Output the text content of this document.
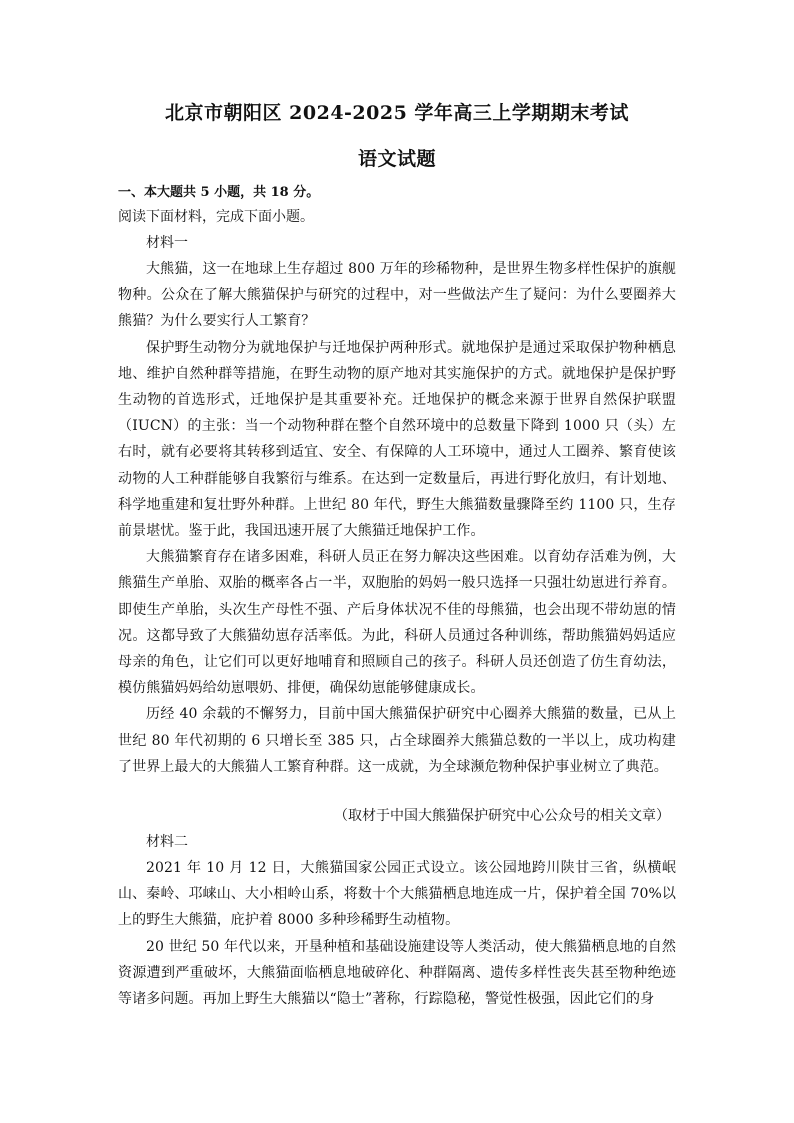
北京市朝阳区 2024-2025 学年高三上学期期末考试
语文试题
一、本大题共 5 小题，共 18 分。
阅读下面材料，完成下面小题。
材料一

大熊猫，这一在地球上生存超过 800 万年的珍稀物种，是世界生物多样性保护的旗舰物种。公众在了解大熊猫保护与研究的过程中，对一些做法产生了疑问：为什么要圈养大熊猫？为什么要实行人工繁育？

保护野生动物分为就地保护与迁地保护两种形式。就地保护是通过采取保护物种栖息地、维护自然种群等措施，在野生动物的原产地对其实施保护的方式。就地保护是保护野生动物的首选形式，迁地保护是其重要补充。迁地保护的概念来源于世界自然保护联盟（IUCN）的主张：当一个动物种群在整个自然环境中的总数量下降到 1000 只（头）左右时，就有必要将其转移到适宜、安全、有保障的人工环境中，通过人工圈养、繁育使该动物的人工种群能够自我繁衍与维系。在达到一定数量后，再进行野化放归，有计划地、科学地重建和复壮野外种群。上世纪 80 年代，野生大熊猫数量骤降至约 1100 只，生存前景堪忧。鉴于此，我国迅速开展了大熊猫迁地保护工作。

大熊猫繁育存在诸多困难，科研人员正在努力解决这些困难。以育幼存活难为例，大熊猫生产单胎、双胎的概率各占一半，双胞胎的妈妈一般只选择一只强壮幼崽进行养育。即使生产单胎，头次生产母性不强、产后身体状况不佳的母熊猫，也会出现不带幼崽的情况。这都导致了大熊猫幼崽存活率低。为此，科研人员通过各种训练，帮助熊猫妈妈适应母亲的角色，让它们可以更好地哺育和照顾自己的孩子。科研人员还创造了仿生育幼法，模仿熊猫妈妈给幼崽喂奶、排便，确保幼崽能够健康成长。

历经 40 余载的不懈努力，目前中国大熊猫保护研究中心圈养大熊猫的数量，已从上世纪 80 年代初期的 6 只增长至 385 只，占全球圈养大熊猫总数的一半以上，成功构建了世界上最大的大熊猫人工繁育种群。这一成就，为全球濒危物种保护事业树立了典范。

（取材于中国大熊猫保护研究中心公众号的相关文章）
材料二

2021 年 10 月 12 日，大熊猫国家公园正式设立。该公园地跨川陕甘三省，纵横岷山、秦岭、邛崃山、大小相岭山系，将数十个大熊猫栖息地连成一片，保护着全国 70%以上的野生大熊猫，庇护着 8000 多种珍稀野生动植物。

20 世纪 50 年代以来，开垦种植和基础设施建设等人类活动，使大熊猫栖息地的自然资源遭到严重破坏，大熊猫面临栖息地破碎化、种群隔离、遗传多样性丧失甚至物种绝迹等诸多问题。再加上野生大熊猫以“隐士”著称，行踪隐秘，警觉性极强，因此它们的身
